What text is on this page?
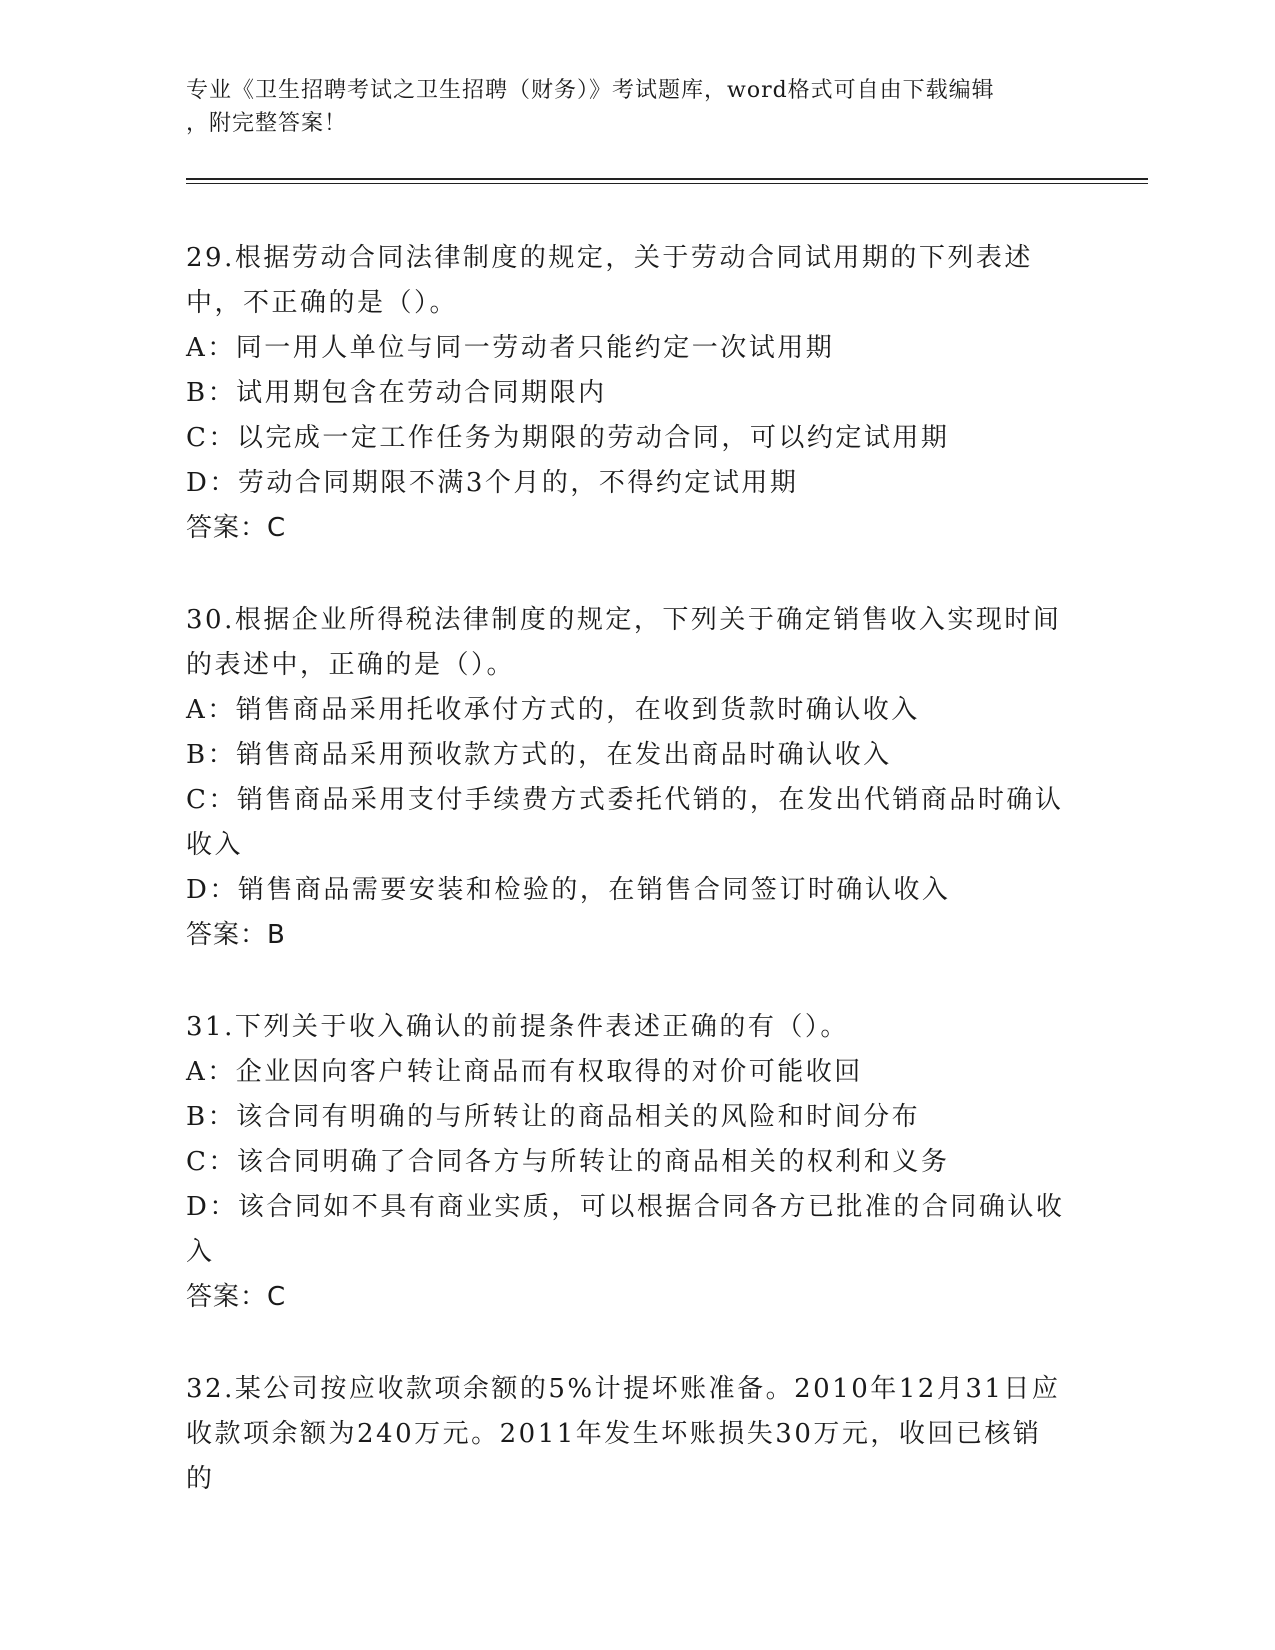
专业《卫生招聘考试之卫生招聘（财务）》考试题库，word格式可自由下载编辑
，附完整答案！

29.根据劳动合同法律制度的规定，关于劳动合同试用期的下列表述中，不正确的是（）。

A：同一用人单位与同一劳动者只能约定一次试用期

B：试用期包含在劳动合同期限内

C：以完成一定工作任务为期限的劳动合同，可以约定试用期

D：劳动合同期限不满3个月的，不得约定试用期

答案：C

30.根据企业所得税法律制度的规定，下列关于确定销售收入实现时间的表述中，正确的是（）。

A：销售商品采用托收承付方式的，在收到货款时确认收入

B：销售商品采用预收款方式的，在发出商品时确认收入

C：销售商品采用支付手续费方式委托代销的，在发出代销商品时确认收入

D：销售商品需要安装和检验的，在销售合同签订时确认收入

答案：B

31.下列关于收入确认的前提条件表述正确的有（）。

A：企业因向客户转让商品而有权取得的对价可能收回

B：该合同有明确的与所转让的商品相关的风险和时间分布

C：该合同明确了合同各方与所转让的商品相关的权利和义务

D：该合同如不具有商业实质，可以根据合同各方已批准的合同确认收入

答案：C

32.某公司按应收款项余额的5%计提坏账准备。2010年12月31日应收款项余额为240万元。2011年发生坏账损失30万元，收回已核销的
